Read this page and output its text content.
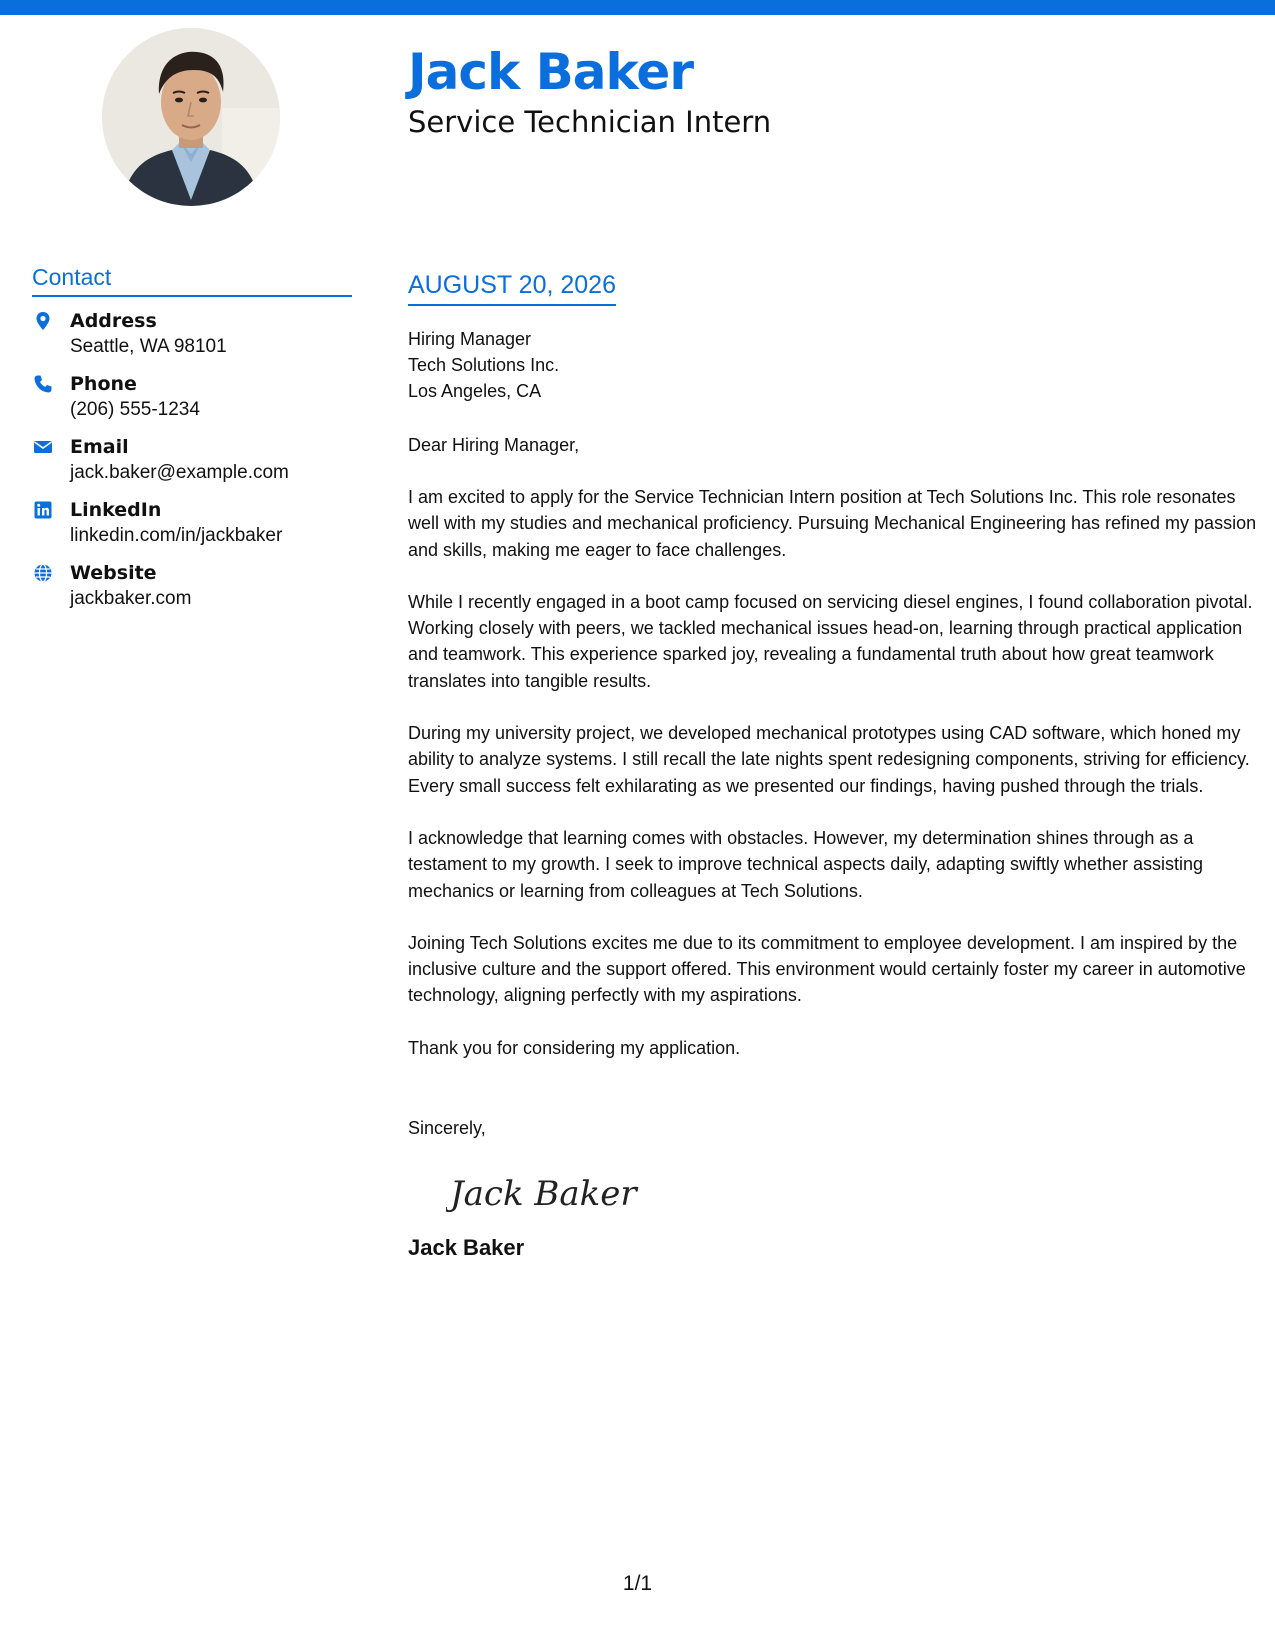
Jack Baker
Service Technician Intern
Contact
Address
Seattle, WA 98101
Phone
(206) 555-1234
Email
jack.baker@example.com
LinkedIn
linkedin.com/in/jackbaker
Website
jackbaker.com
AUGUST 20, 2026
Hiring Manager
Tech Solutions Inc.
Los Angeles, CA

Dear Hiring Manager,

I am excited to apply for the Service Technician Intern position at Tech Solutions Inc. This role resonates well with my studies and mechanical proficiency. Pursuing Mechanical Engineering has refined my passion and skills, making me eager to face challenges.

While I recently engaged in a boot camp focused on servicing diesel engines, I found collaboration pivotal. Working closely with peers, we tackled mechanical issues head-on, learning through practical application and teamwork. This experience sparked joy, revealing a fundamental truth about how great teamwork translates into tangible results.

During my university project, we developed mechanical prototypes using CAD software, which honed my ability to analyze systems. I still recall the late nights spent redesigning components, striving for efficiency. Every small success felt exhilarating as we presented our findings, having pushed through the trials.

I acknowledge that learning comes with obstacles. However, my determination shines through as a testament to my growth. I seek to improve technical aspects daily, adapting swiftly whether assisting mechanics or learning from colleagues at Tech Solutions.

Joining Tech Solutions excites me due to its commitment to employee development. I am inspired by the inclusive culture and the support offered. This environment would certainly foster my career in automotive technology, aligning perfectly with my aspirations.

Thank you for considering my application.

Sincerely,

Jack Baker

Jack Baker

1/1
